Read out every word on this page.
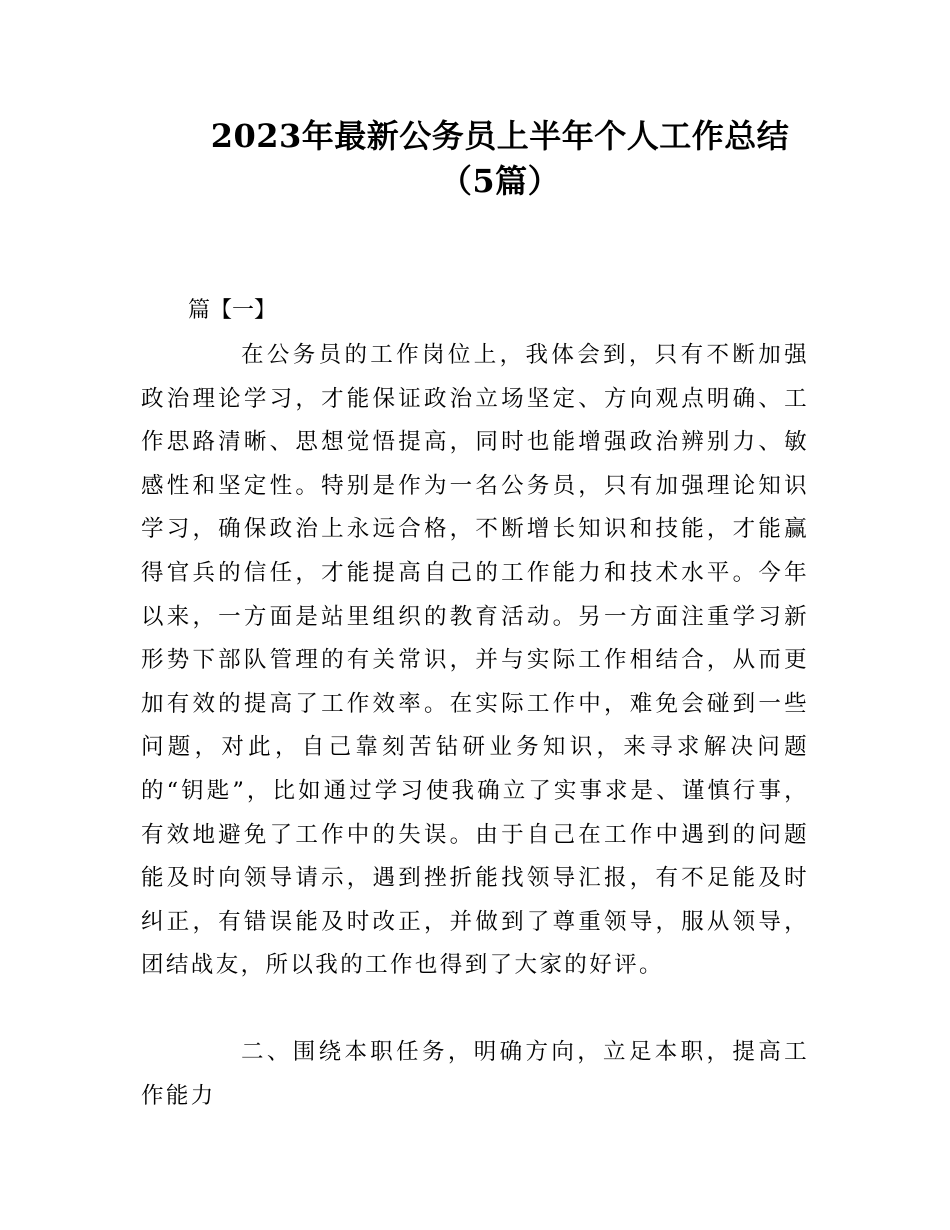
2023年最新公务员上半年个人工作总结
（5篇）
篇【一】

在公务员的工作岗位上，我体会到，只有不断加强政治理论学习，才能保证政治立场坚定、方向观点明确、工作思路清晰、思想觉悟提高，同时也能增强政治辨别力、敏感性和坚定性。特别是作为一名公务员，只有加强理论知识学习，确保政治上永远合格，不断增长知识和技能，才能赢得官兵的信任，才能提高自己的工作能力和技术水平。今年以来，一方面是站里组织的教育活动。另一方面注重学习新形势下部队管理的有关常识，并与实际工作相结合，从而更加有效的提高了工作效率。在实际工作中，难免会碰到一些问题，对此，自己靠刻苦钻研业务知识，来寻求解决问题的“钥匙”，比如通过学习使我确立了实事求是、谨慎行事，有效地避免了工作中的失误。由于自己在工作中遇到的问题能及时向领导请示，遇到挫折能找领导汇报，有不足能及时纠正，有错误能及时改正，并做到了尊重领导，服从领导，团结战友，所以我的工作也得到了大家的好评。

二、围绕本职任务，明确方向，立足本职，提高工作能力
